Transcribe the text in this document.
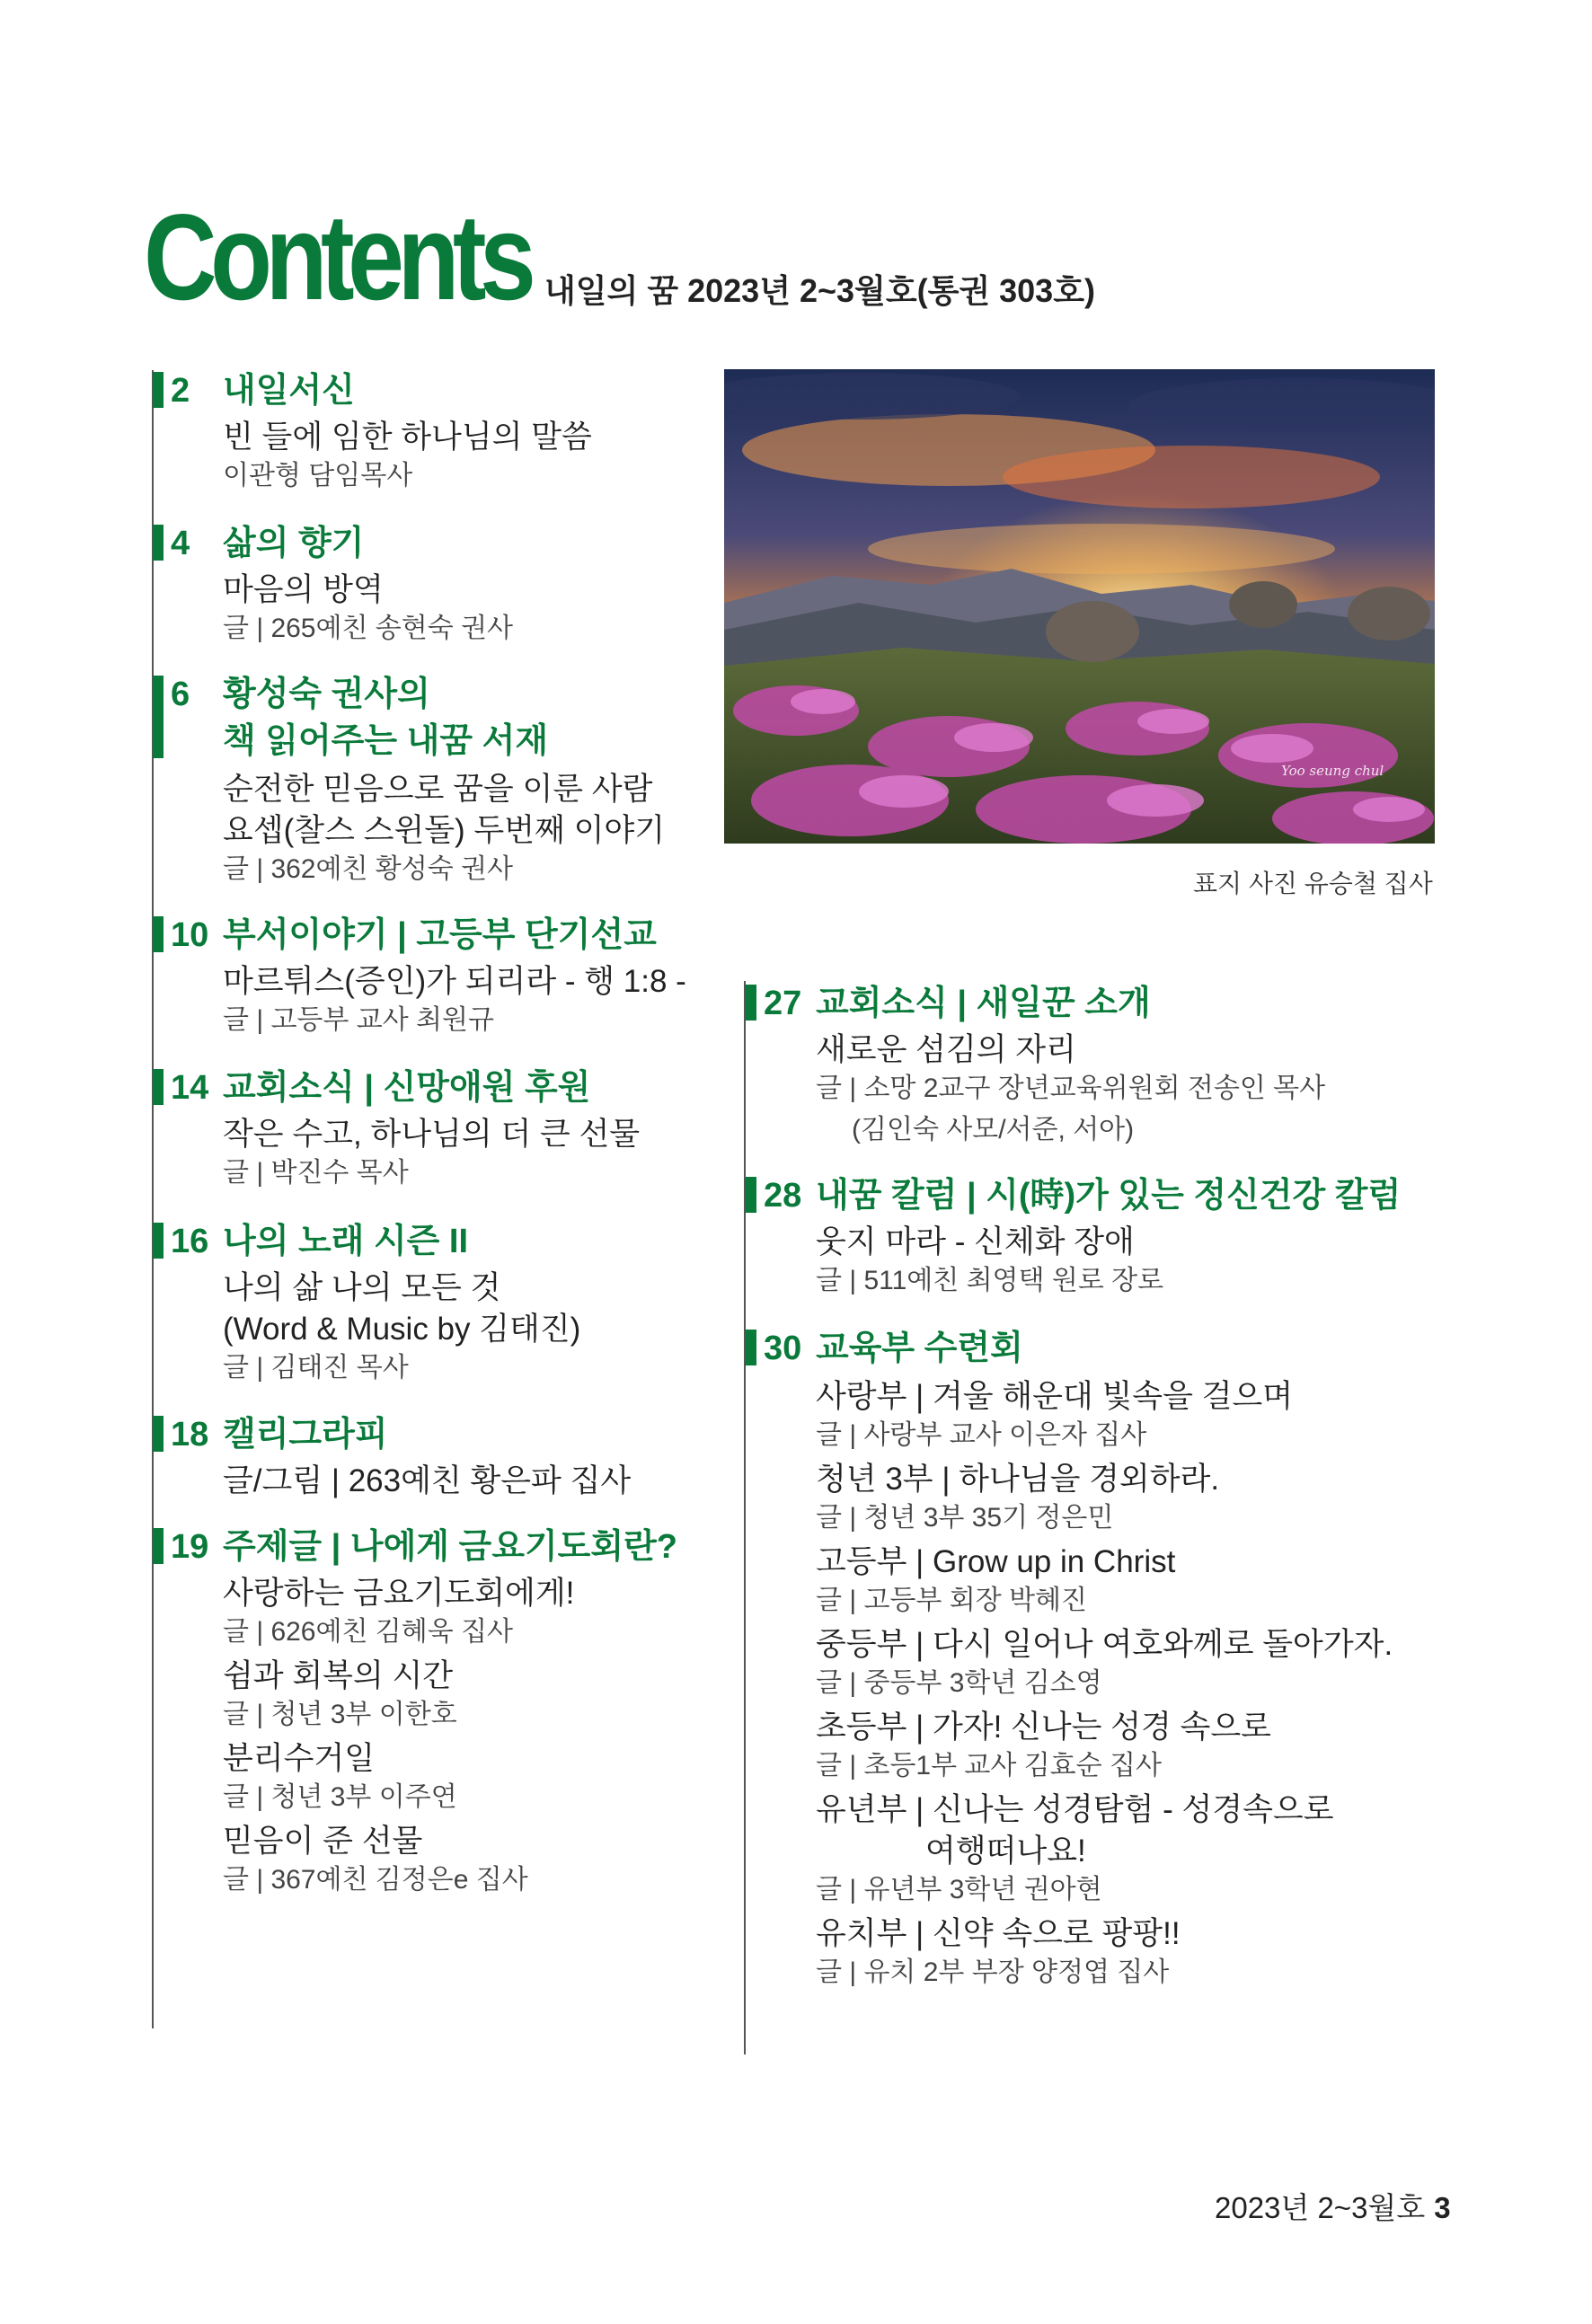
Contents 내일의 꿈 2023년 2~3월호(통권 303호)
2 내일서신
빈 들에 임한 하나님의 말씀
이관형 담임목사
4 삶의 향기
마음의 방역
글 | 265예친 송현숙 권사
6 황성숙 권사의
책 읽어주는 내꿈 서재
순전한 믿음으로 꿈을 이룬 사람
요셉(찰스 스윈돌) 두번째 이야기
글 | 362예친 황성숙 권사
10 부서이야기 | 고등부 단기선교
마르튀스(증인)가 되리라 - 행 1:8 -
글 | 고등부 교사 최원규
14 교회소식 | 신망애원 후원
작은 수고, 하나님의 더 큰 선물
글 | 박진수 목사
16 나의 노래 시즌 II
나의 삶 나의 모든 것
(Word & Music by 김태진)
글 | 김태진 목사
18 캘리그라피
글/그림 | 263예친 황은파 집사
19 주제글 | 나에게 금요기도회란?
사랑하는 금요기도회에게!
글 | 626예친 김혜욱 집사
쉼과 회복의 시간
글 | 청년 3부 이한호
분리수거일
글 | 청년 3부 이주연
믿음이 준 선물
글 | 367예친 김정은e 집사
Yoo seung chul
표지 사진 유승철 집사
27 교회소식 | 새일꾼 소개
새로운 섬김의 자리
글 | 소망 2교구 장년교육위원회 전송인 목사
(김인숙 사모/서준, 서아)
28 내꿈 칼럼 | 시(時)가 있는 정신건강 칼럼
웃지 마라 - 신체화 장애
글 | 511예친 최영택 원로 장로
30 교육부 수련회
사랑부 | 겨울 해운대 빛속을 걸으며
글 | 사랑부 교사 이은자 집사
청년 3부 | 하나님을 경외하라.
글 | 청년 3부 35기 정은민
고등부 | Grow up in Christ
글 | 고등부 회장 박혜진
중등부 | 다시 일어나 여호와께로 돌아가자.
글 | 중등부 3학년 김소영
초등부 | 가자! 신나는 성경 속으로
글 | 초등1부 교사 김효순 집사
유년부 | 신나는 성경탐험 - 성경속으로
여행떠나요!
글 | 유년부 3학년 권아현
유치부 | 신약 속으로 팡팡!!
글 | 유치 2부 부장 양정엽 집사
2023년 2~3월호 3
